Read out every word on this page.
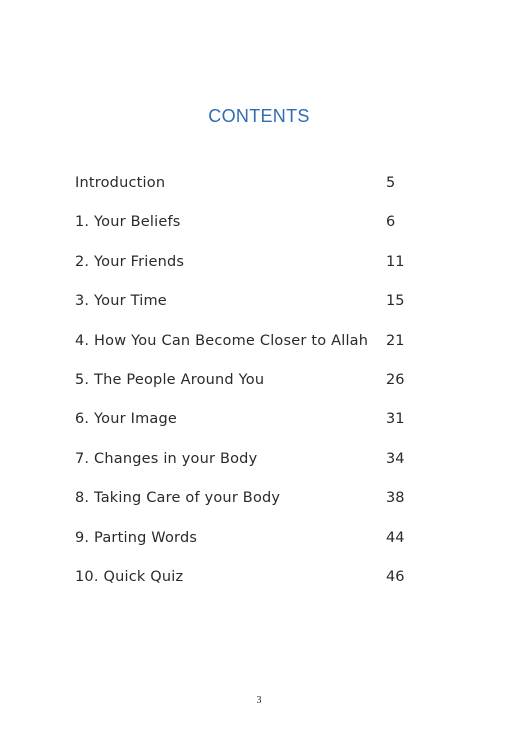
CONTENTS
Introduction	5
1. Your Beliefs	6
2. Your Friends	11
3. Your Time	15
4. How You Can Become Closer to Allah	21
5. The People Around You	26
6. Your Image	31
7. Changes in your Body	34
8. Taking Care of your Body	38
9. Parting Words	44
10. Quick Quiz	46
3
